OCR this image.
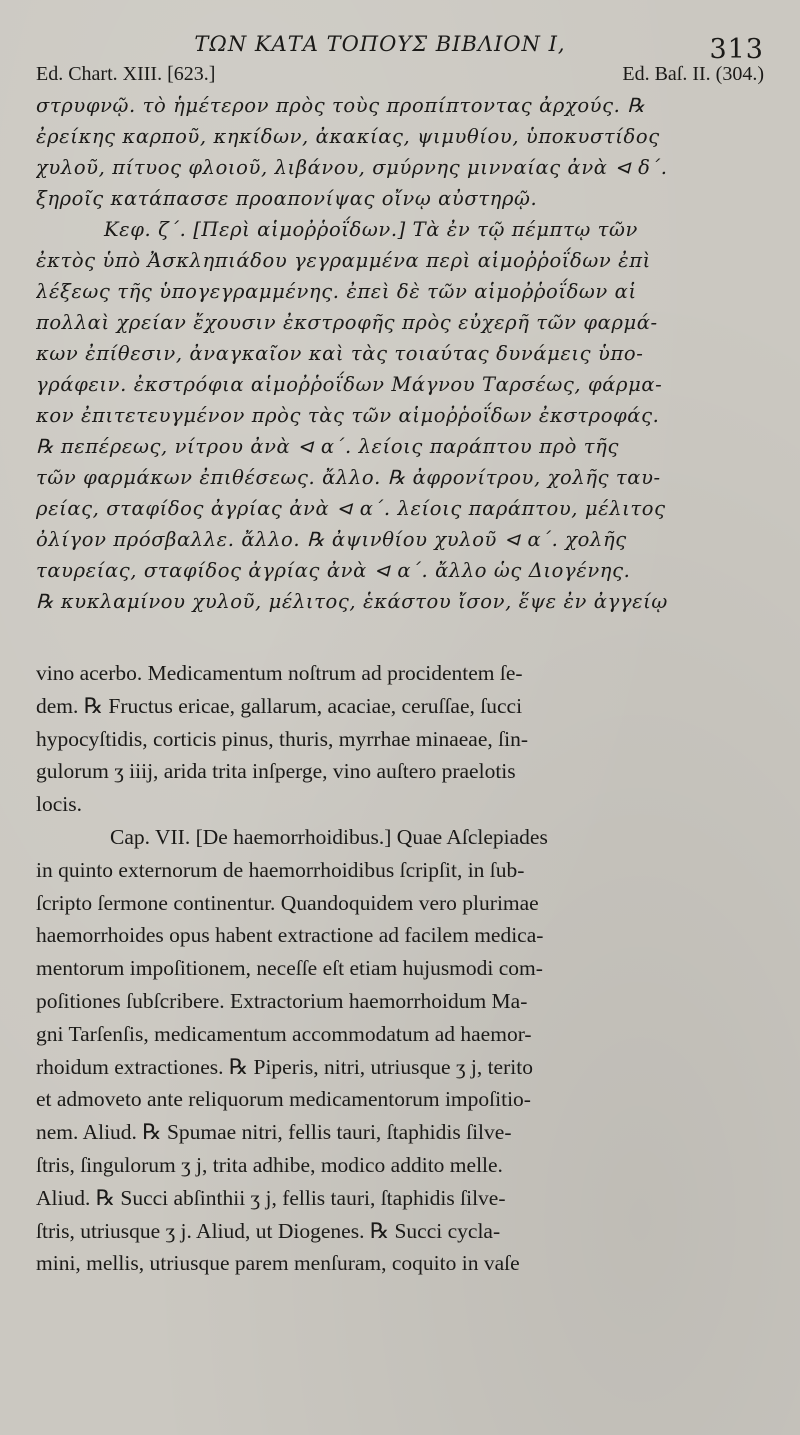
ΤΩΝ ΚΑΤΑ ΤΟΠΟΥΣ ΒΙΒΛΙΟΝ Ι,	313
Ed. Chart. XIII. [623.]	Ed. Baſ. II. (304.)
στρυφνῷ. τὸ ἡμέτερον πρὸς τοὺς προπίπτοντας ἀρχούς. ℞
ἐρείκης καρποῦ, κηκίδων, ἀκακίας, ψιμυθίου, ὑποκυστίδος
χυλοῦ, πίτυος φλοιοῦ, λιβάνου, σμύρνης μινναίας ἀνὰ ⊲ δ΄.
ξηροῖς κατάπασσε προαπονίψας οἴνῳ αὐστηρῷ.
Κεφ. ζ΄. [Περὶ αἱμοῤῥοΐδων.] Τὰ ἐν τῷ πέμπτῳ τῶν
ἐκτὸς ὑπὸ Ἀσκληπιάδου γεγραμμένα περὶ αἱμοῤῥοΐδων ἐπὶ
λέξεως τῆς ὑπογεγραμμένης. ἐπεὶ δὲ τῶν αἱμοῤῥοΐδων αἱ
πολλαὶ χρείαν ἔχουσιν ἐκστροφῆς πρὸς εὐχερῆ τῶν φαρμά-
κων ἐπίθεσιν, ἀναγκαῖον καὶ τὰς τοιαύτας δυνάμεις ὑπο-
γράφειν. ἐκστρόφια αἱμοῤῥοΐδων Μάγνου Ταρσέως, φάρμα-
κον ἐπιτετευγμένον πρὸς τὰς τῶν αἱμοῤῥοΐδων ἐκστροφάς.
℞ πεπέρεως, νίτρου ἀνὰ ⊲ α΄. λείοις παράπτου πρὸ τῆς
τῶν φαρμάκων ἐπιθέσεως. ἄλλο. ℞ ἀφρονίτρου, χολῆς ταυ-
ρείας, σταφίδος ἀγρίας ἀνὰ ⊲ α΄. λείοις παράπτου, μέλιτος
ὀλίγον πρόσβαλλε. ἄλλο. ℞ ἀψινθίου χυλοῦ ⊲ α΄. χολῆς
ταυρείας, σταφίδος ἀγρίας ἀνὰ ⊲ α΄. ἄλλο ὡς Διογένης.
℞ κυκλαμίνου χυλοῦ, μέλιτος, ἑκάστου ἴσον, ἕψε ἐν ἀγγείῳ
vino acerbo. Medicamentum noſtrum ad procidentem ſe-
dem. ℞ Fructus ericae, gallarum, acaciae, ceruſſae, ſucci
hypocyſtidis, corticis pinus, thuris, myrrhae minaeae, ſin-
gulorum ʒ iiij, arida trita inſperge, vino auſtero praelotis
locis.
Cap. VII. [De haemorrhoidibus.] Quae Aſclepiades
in quinto externorum de haemorrhoidibus ſcripſit, in ſub-
ſcripto ſermone continentur. Quandoquidem vero plurimae
haemorrhoides opus habent extractione ad facilem medica-
mentorum impoſitionem, neceſſe eſt etiam hujusmodi com-
poſitiones ſubſcribere. Extractorium haemorrhoidum Ma-
gni Tarſenſis, medicamentum accommodatum ad haemor-
rhoidum extractiones. ℞ Piperis, nitri, utriusque ʒ j, terito
et admoveto ante reliquorum medicamentorum impoſitio-
nem. Aliud. ℞ Spumae nitri, fellis tauri, ſtaphidis ſilve-
ſtris, ſingulorum ʒ j, trita adhibe, modico addito melle.
Aliud. ℞ Succi abſinthii ʒ j, fellis tauri, ſtaphidis ſilve-
ſtris, utriusque ʒ j. Aliud, ut Diogenes. ℞ Succi cycla-
mini, mellis, utriusque parem menſuram, coquito in vaſe
